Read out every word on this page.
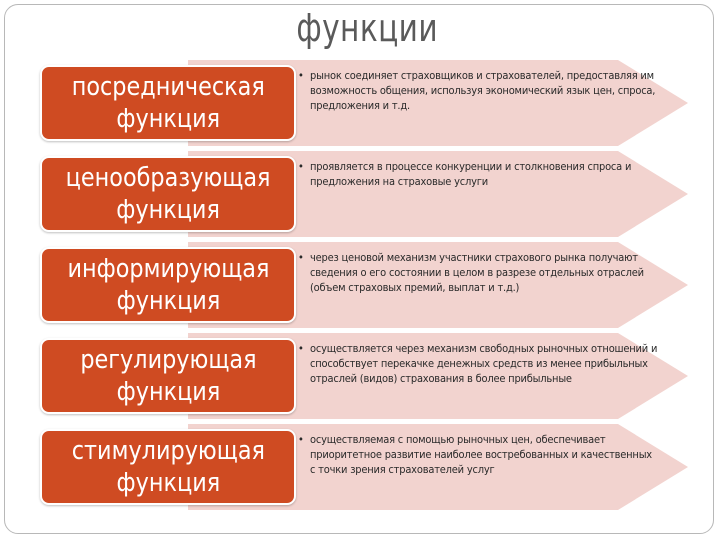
функции
посредническая
функция
• рынок соединяет страховщиков и страхователей, предоставляя им возможность общения, используя экономический язык цен, спроса, предложения и т.д.
ценообразующая
функция
• проявляется в процессе конкуренции и столкновения спроса и предложения на страховые услуги
информирующая
функция
• через ценовой механизм участники страхового рынка получают сведения о его состоянии в целом в разрезе отдельных отраслей (объем страховых премий, выплат и т.д.)
регулирующая
функция
• осуществляется через механизм свободных рыночных отношений и способствует перекачке денежных средств из менее прибыльных отраслей (видов) страхования в более прибыльные
стимулирующая
функция
• осуществляемая с помощью рыночных цен, обеспечивает приоритетное развитие наиболее востребованных и качественных с точки зрения страхователей услуг
